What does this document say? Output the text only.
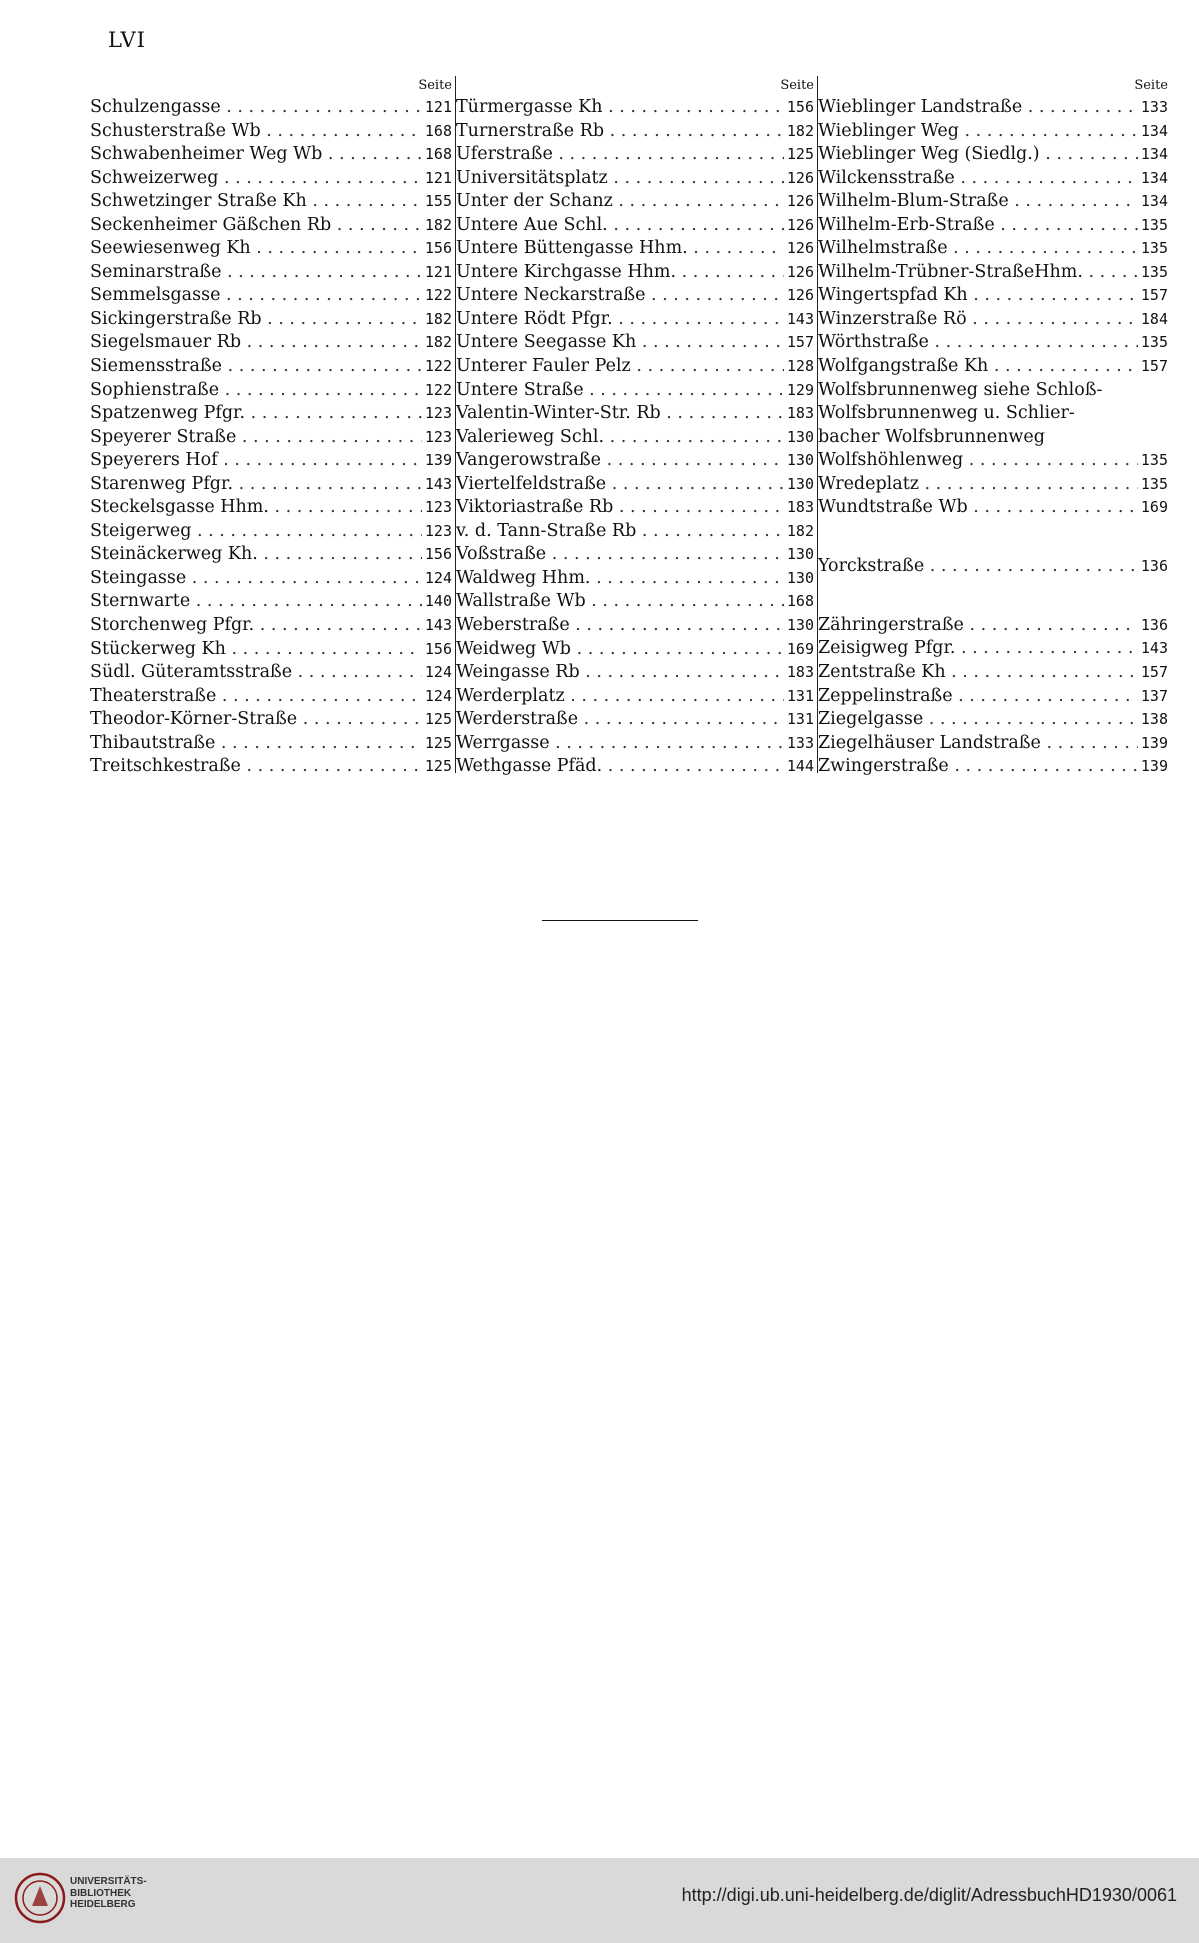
LVI
Seite
Schulzengasse . . .	121
Schusterstraße Wb . . .	168
Schwabenheimer Weg Wb . . .	168
Schweizerweg . . .	121
Schwetzinger Straße Kh . . .	155
Seckenheimer Gäßchen Rb . . .	182
Seewiesenweg Kh . . .	156
Seminarstraße . . .	121
Semmelsgasse . . .	122
Sickingerstraße Rb . . .	182
Siegelsmauer Rb . . .	182
Siemensstraße . . .	122
Sophienstraße . . .	122
Spatzenweg Pfgr. . . .	123
Speyerer Straße . . .	123
Speyerers Hof . . .	139
Starenweg Pfgr. . . .	143
Steckelsgasse Hhm. . . .	123
Steigerweg . . .	123
Steinäckerweg Kh. . . .	156
Steingasse . . .	124
Sternwarte . . .	140
Storchenweg Pfgr. . . .	143
Stückerweg Kh . . .	156
Südl. Güteramtsstraße . . .	124
Theaterstraße . . .	124
Theodor-Körner-Straße . . .	125
Thibautstraße . . .	125
Treitschkestraße . . .	125
Seite
Türmergasse Kh . . .	156
Turnerstraße Rb . . .	182
Uferstraße . . .	125
Universitätsplatz . . .	126
Unter der Schanz . . .	126
Untere Aue Schl. . . .	126
Untere Büttengasse Hhm. . . .	126
Untere Kirchgasse Hhm. . . .	126
Untere Neckarstraße . . .	126
Untere Rödt Pfgr. . . .	143
Untere Seegasse Kh . . .	157
Unterer Fauler Pelz . . .	128
Untere Straße . . .	129
Valentin-Winter-Str. Rb . . .	183
Valerieweg Schl. . . .	130
Vangerowstraße . . .	130
Viertelfeldstraße . . .	130
Viktoriastraße Rb . . .	183
v. d. Tann-Straße Rb . . .	182
Voßstraße . . .	130
Waldweg Hhm. . . .	130
Wallstraße Wb . . .	168
Weberstraße . . .	130
Weidweg Wb . . .	169
Weingasse Rb . . .	183
Werderplatz . . .	131
Werderstraße . . .	131
Werrgasse . . .	133
Wethgasse Pfäd. . . .	144
Seite
Wieblinger Landstraße . . .	133
Wieblinger Weg . . .	134
Wieblinger Weg (Siedlg.) . . .	134
Wilckensstraße . . .	134
Wilhelm-Blum-Straße . . .	134
Wilhelm-Erb-Straße . . .	135
Wilhelmstraße . . .	135
Wilhelm-Trübner-StraßeHhm. . . .	135
Wingertspfad Kh . . .	157
Winzerstraße Rö . . .	184
Wörthstraße . . .	135
Wolfgangstraße Kh . . .	157
Wolfsbrunnenweg siehe Schloß-
Wolfsbrunnenweg u. Schlier-
bacher Wolfsbrunnenweg
Wolfshöhlenweg . . .	135
Wredeplatz . . .	135
Wundtstraße Wb . . .	169
Yorckstraße . . .	136
Zähringerstraße . . .	136
Zeisigweg Pfgr. . . .	143
Zentstraße Kh . . .	157
Zeppelinstraße . . .	137
Ziegelgasse . . .	138
Ziegelhäuser Landstraße . . .	139
Zwingerstraße . . .	139
UNIVERSITÄTS-
BIBLIOTHEK
HEIDELBERG	http://digi.ub.uni-heidelberg.de/diglit/AdressbuchHD1930/0061
